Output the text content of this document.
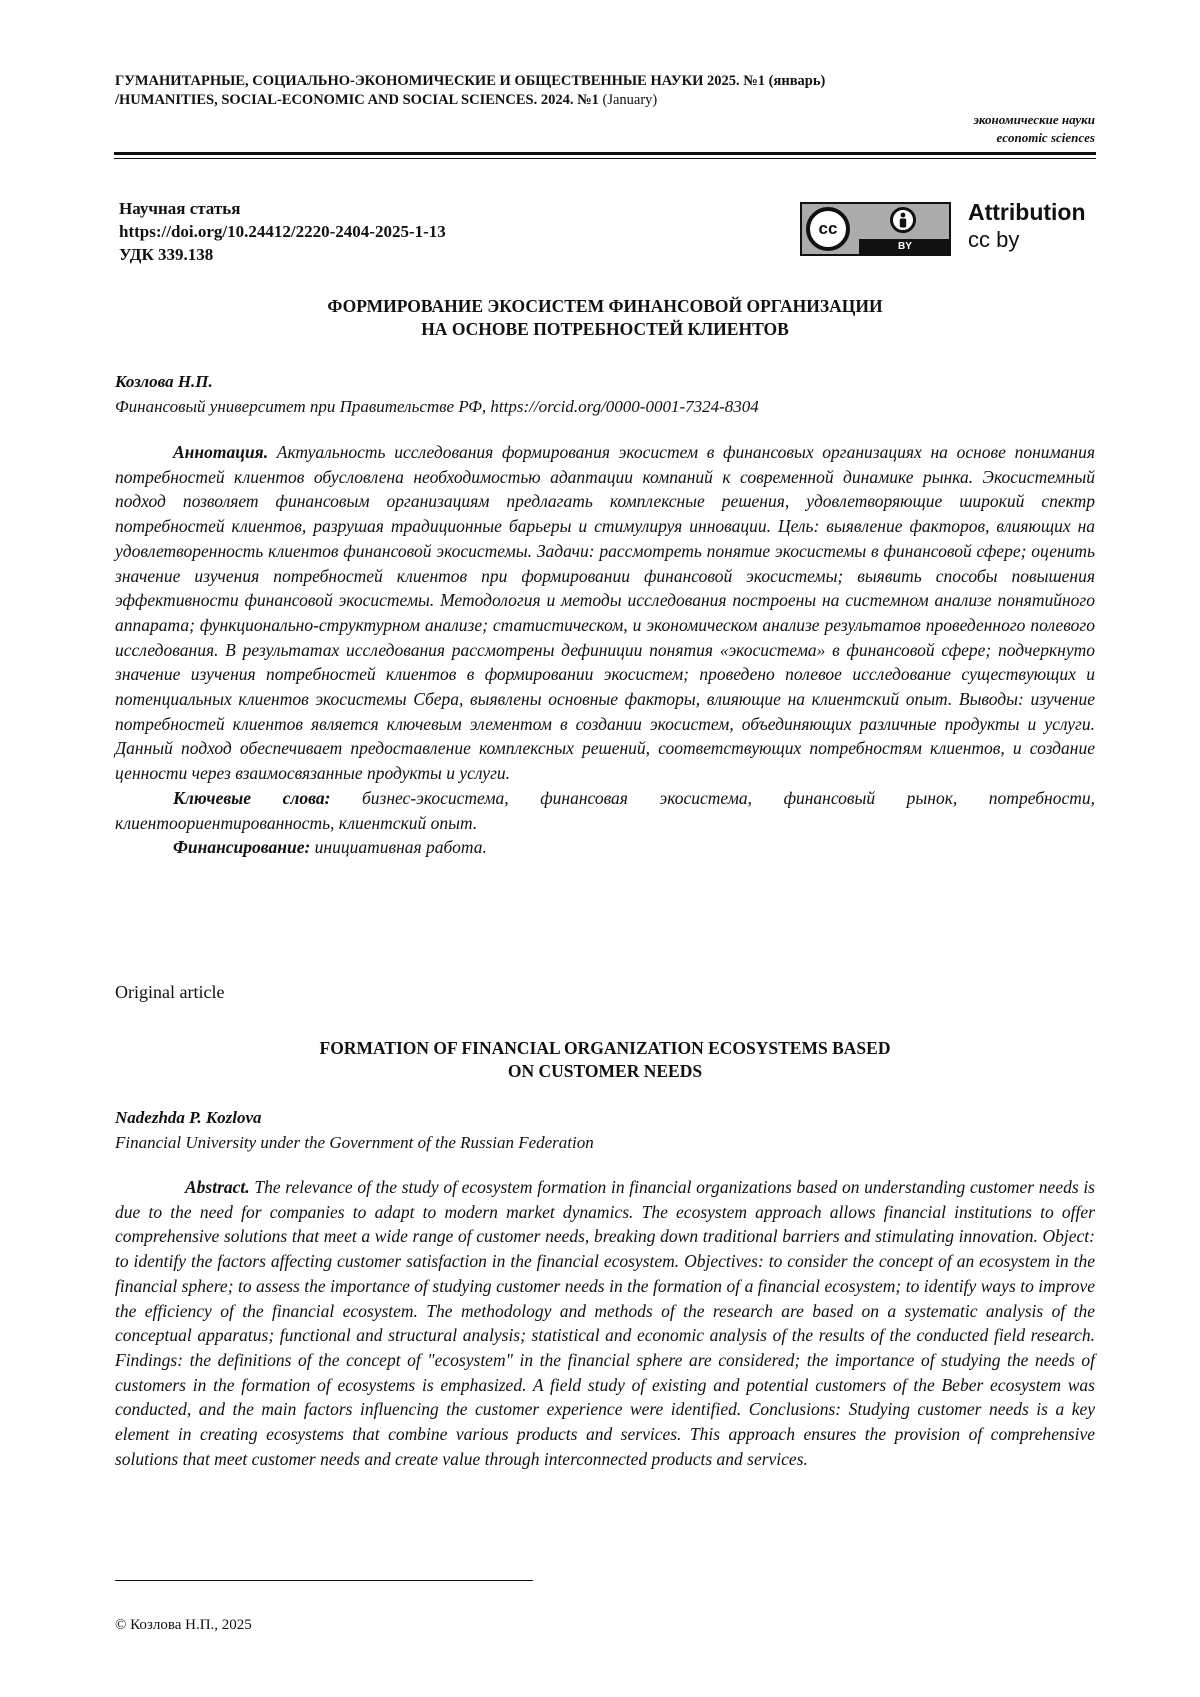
ГУМАНИТАРНЫЕ, СОЦИАЛЬНО-ЭКОНОМИЧЕСКИЕ И ОБЩЕСТВЕННЫЕ НАУКИ 2025. №1 (январь)
/HUMANITIES, SOCIAL-ECONOMIC AND SOCIAL SCIENCES. 2024. №1 (January)
экономические науки
economic sciences
Научная статья
https://doi.org/10.24412/2220-2404-2025-1-13
УДК 339.138
cc
BY
Attribution
cc by
ФОРМИРОВАНИЕ ЭКОСИСТЕМ ФИНАНСОВОЙ ОРГАНИЗАЦИИ
НА ОСНОВЕ ПОТРЕБНОСТЕЙ КЛИЕНТОВ
Козлова Н.П.
Финансовый университет при Правительстве РФ, https://orcid.org/0000-0001-7324-8304

Аннотация. Актуальность исследования формирования экосистем в финансовых организациях на основе понимания потребностей клиентов обусловлена необходимостью адаптации компаний к современной динамике рынка. Экосистемный подход позволяет финансовым организациям предлагать комплексные решения, удовлетворяющие широкий спектр потребностей клиентов, разрушая традиционные барьеры и стимулируя инновации. Цель: выявление факторов, влияющих на удовлетворенность клиентов финансовой экосистемы. Задачи: рассмотреть понятие экосистемы в финансовой сфере; оценить значение изучения потребностей клиентов при формировании финансовой экосистемы; выявить способы повышения эффективности финансовой экосистемы. Методология и методы исследования построены на системном анализе понятийного аппарата; функционально-структурном анализе; статистическом, и экономическом анализе результатов проведенного полевого исследования. В результатах исследования рассмотрены дефиниции понятия «экосистема» в финансовой сфере; подчеркнуто значение изучения потребностей клиентов в формировании экосистем; проведено полевое исследование существующих и потенциальных клиентов экосистемы Сбера, выявлены основные факторы, влияющие на клиентский опыт. Выводы: изучение потребностей клиентов является ключевым элементом в создании экосистем, объединяющих различные продукты и услуги. Данный подход обеспечивает предоставление комплексных решений, соответствующих потребностям клиентов, и создание ценности через взаимосвязанные продукты и услуги.

Ключевые слова: бизнес-экосистема, финансовая экосистема, финансовый рынок, потребности, клиентоориентированность, клиентский опыт.

Финансирование: инициативная работа.

Original article
FORMATION OF FINANCIAL ORGANIZATION ECOSYSTEMS BASED
ON CUSTOMER NEEDS
Nadezhda P. Kozlova
Financial University under the Government of the Russian Federation

Abstract. The relevance of the study of ecosystem formation in financial organizations based on understanding customer needs is due to the need for companies to adapt to modern market dynamics. The ecosystem approach allows financial institutions to offer comprehensive solutions that meet a wide range of customer needs, breaking down traditional barriers and stimulating innovation. Object: to identify the factors affecting customer satisfaction in the financial ecosystem. Objectives: to consider the concept of an ecosystem in the financial sphere; to assess the importance of studying customer needs in the formation of a financial ecosystem; to identify ways to improve the efficiency of the financial ecosystem. The methodology and methods of the research are based on a systematic analysis of the conceptual apparatus; functional and structural analysis; statistical and economic analysis of the results of the conducted field research. Findings: the definitions of the concept of "ecosystem" in the financial sphere are considered; the importance of studying the needs of customers in the formation of ecosystems is emphasized. A field study of existing and potential customers of the Beber ecosystem was conducted, and the main factors influencing the customer experience were identified. Conclusions: Studying customer needs is a key element in creating ecosystems that combine various products and services. This approach ensures the provision of comprehensive solutions that meet customer needs and create value through interconnected products and services.

© Козлова Н.П., 2025
